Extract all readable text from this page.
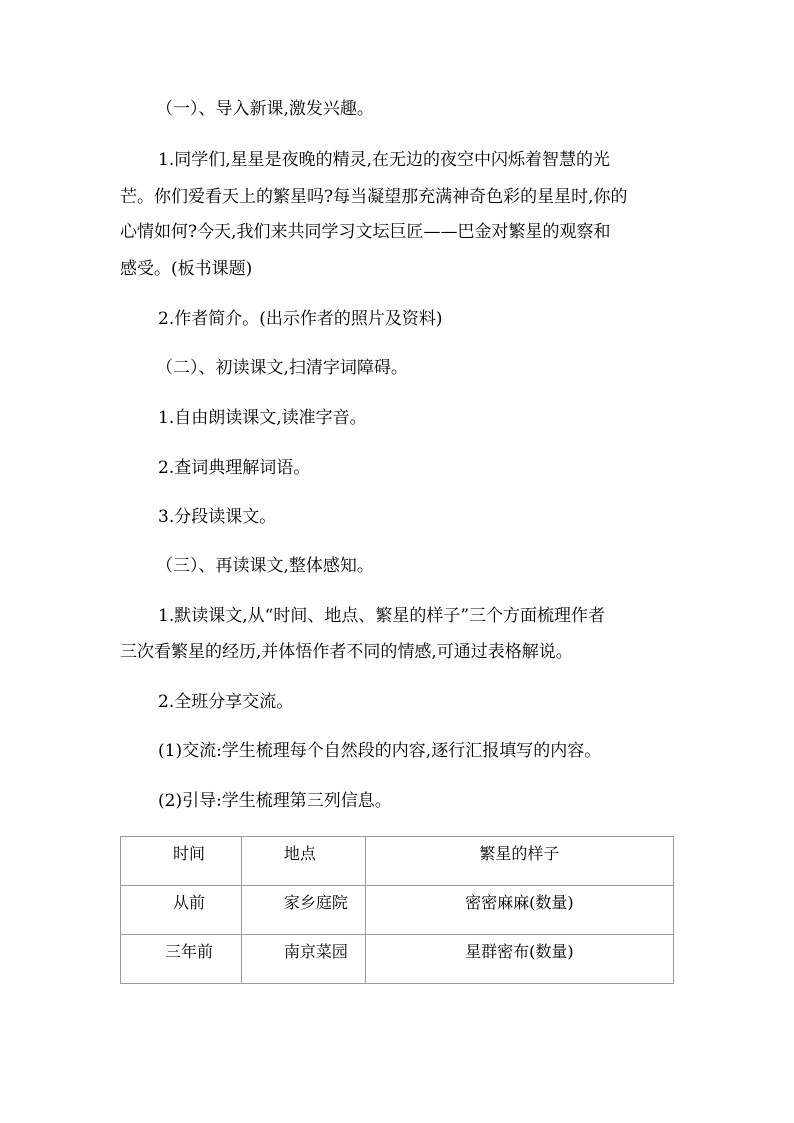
（一）、导入新课,激发兴趣。
1.同学们,星星是夜晚的精灵,在无边的夜空中闪烁着智慧的光
芒。你们爱看天上的繁星吗?每当凝望那充满神奇色彩的星星时,你的
心情如何?今天,我们来共同学习文坛巨匠——巴金对繁星的观察和
感受。(板书课题)
2.作者简介。(出示作者的照片及资料)
（二）、初读课文,扫清字词障碍。
1.自由朗读课文,读准字音。
2.查词典理解词语。
3.分段读课文。
（三）、再读课文,整体感知。
1.默读课文,从“时间、地点、繁星的样子”三个方面梳理作者
三次看繁星的经历,并体悟作者不同的情感,可通过表格解说。
2.全班分享交流。
(1)交流:学生梳理每个自然段的内容,逐行汇报填写的内容。
(2)引导:学生梳理第三列信息。
时间	地点	繁星的样子
从前	家乡庭院	密密麻麻(数量)
三年前	南京菜园	星群密布(数量)
